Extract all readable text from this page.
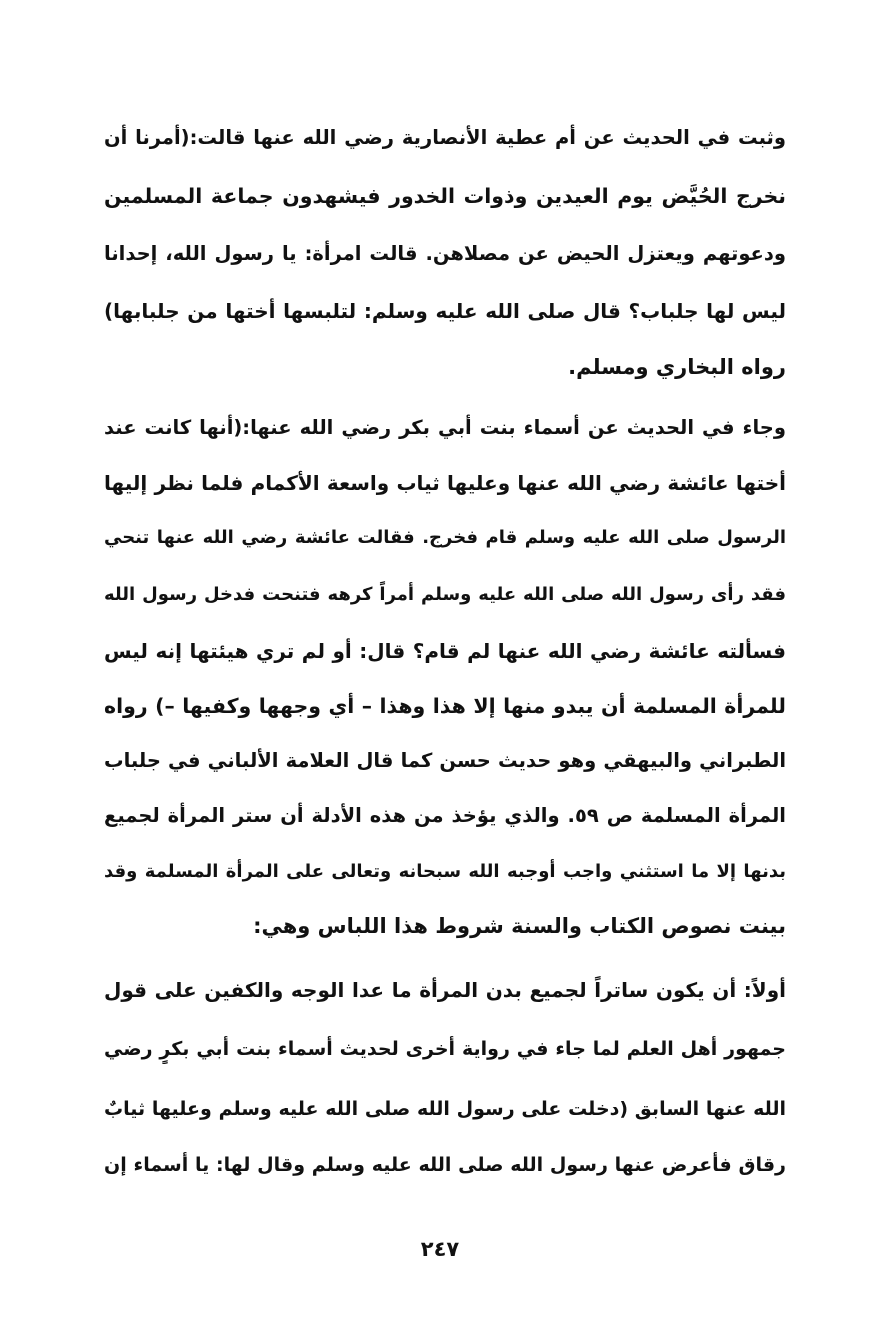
وثبت في الحديث عن أم عطية الأنصارية رضي الله عنها قالت:(أمرنا أن
نخرج الحُيَّض يوم العيدين وذوات الخدور فيشهدون جماعة المسلمين
ودعوتهم ويعتزل الحيض عن مصلاهن. قالت امرأة: يا رسول الله، إحدانا
ليس لها جلباب؟ قال صلى الله عليه وسلم: لتلبسها أختها من جلبابها)
رواه البخاري ومسلم.
وجاء في الحديث عن أسماء بنت أبي بكر رضي الله عنها:(أنها كانت عند
أختها عائشة رضي الله عنها وعليها ثياب واسعة الأكمام فلما نظر إليها
الرسول صلى الله عليه وسلم قام فخرج. فقالت عائشة رضي الله عنها تنحي
فقد رأى رسول الله صلى الله عليه وسلم أمراً كرهه فتنحت فدخل رسول الله
فسألته عائشة رضي الله عنها لم قام؟ قال: أو لم تري هيئتها إنه ليس
للمرأة المسلمة أن يبدو منها إلا هذا وهذا – أي وجهها وكفيها –) رواه
الطبراني والبيهقي وهو حديث حسن كما قال العلامة الألباني في جلباب
المرأة المسلمة ص ٥٩. والذي يؤخذ من هذه الأدلة أن ستر المرأة لجميع
بدنها إلا ما استثني واجب أوجبه الله سبحانه وتعالى على المرأة المسلمة وقد
بينت نصوص الكتاب والسنة شروط هذا اللباس وهي:
أولاً: أن يكون ساتراً لجميع بدن المرأة ما عدا الوجه والكفين على قول
جمهور أهل العلم لما جاء في رواية أخرى لحديث أسماء بنت أبي بكرٍ رضي
الله عنها السابق (دخلت على رسول الله صلى الله عليه وسلم وعليها ثيابٌ
رقاق فأعرض عنها رسول الله صلى الله عليه وسلم وقال لها: يا أسماء إن
٢٤٧
